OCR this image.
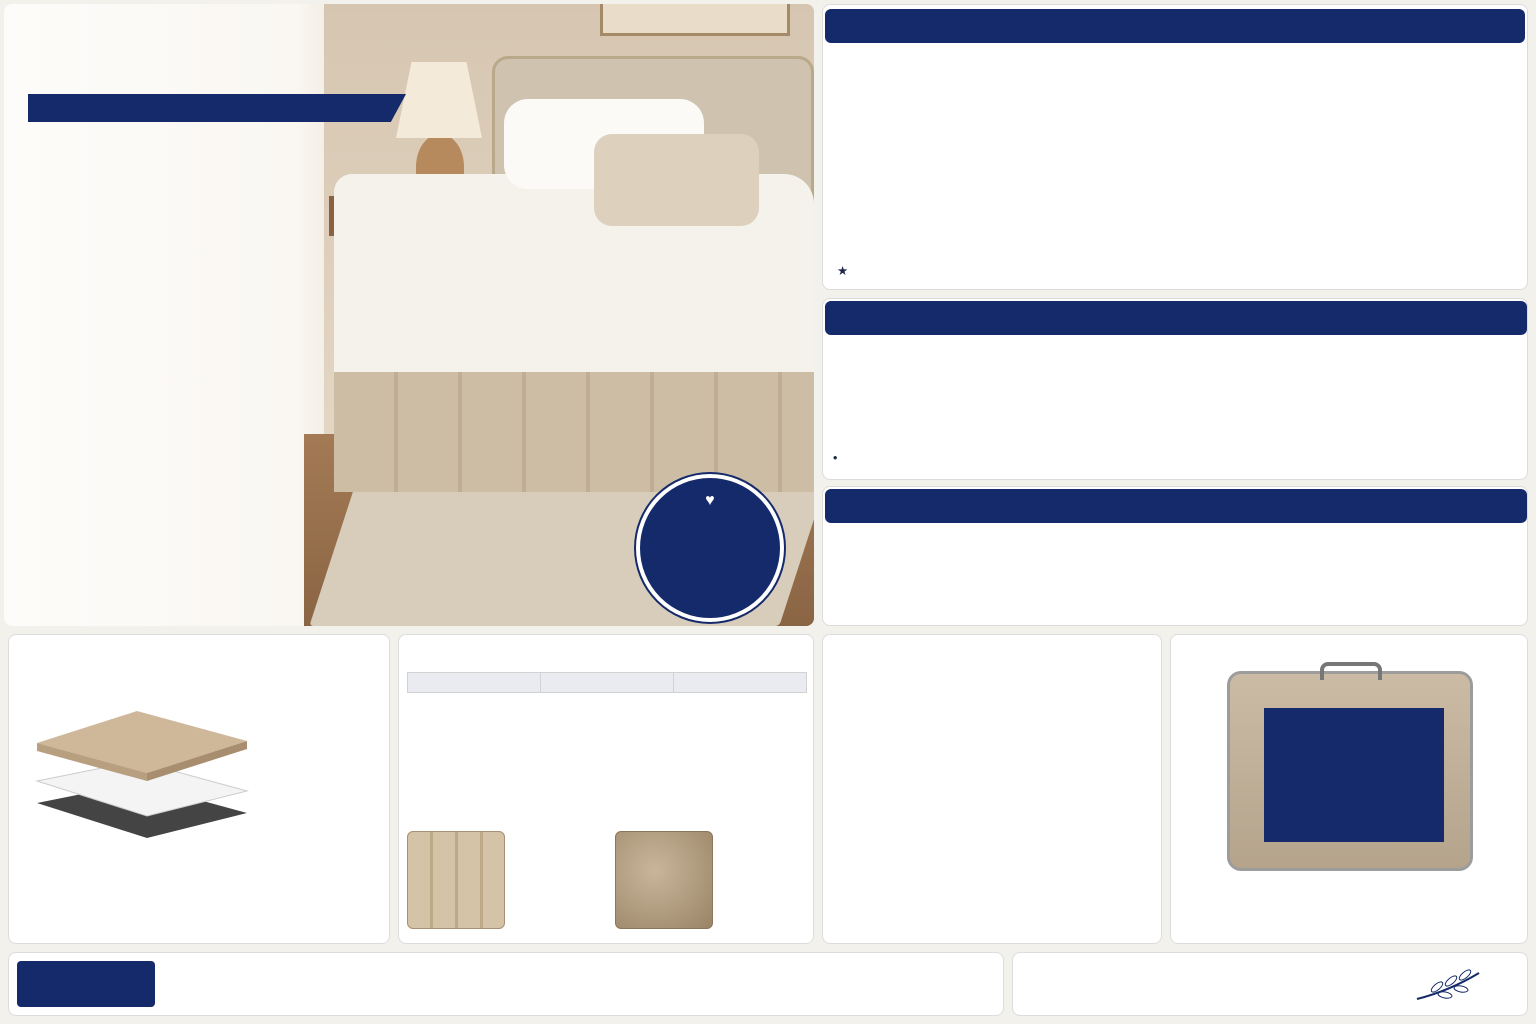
♥
★
•
